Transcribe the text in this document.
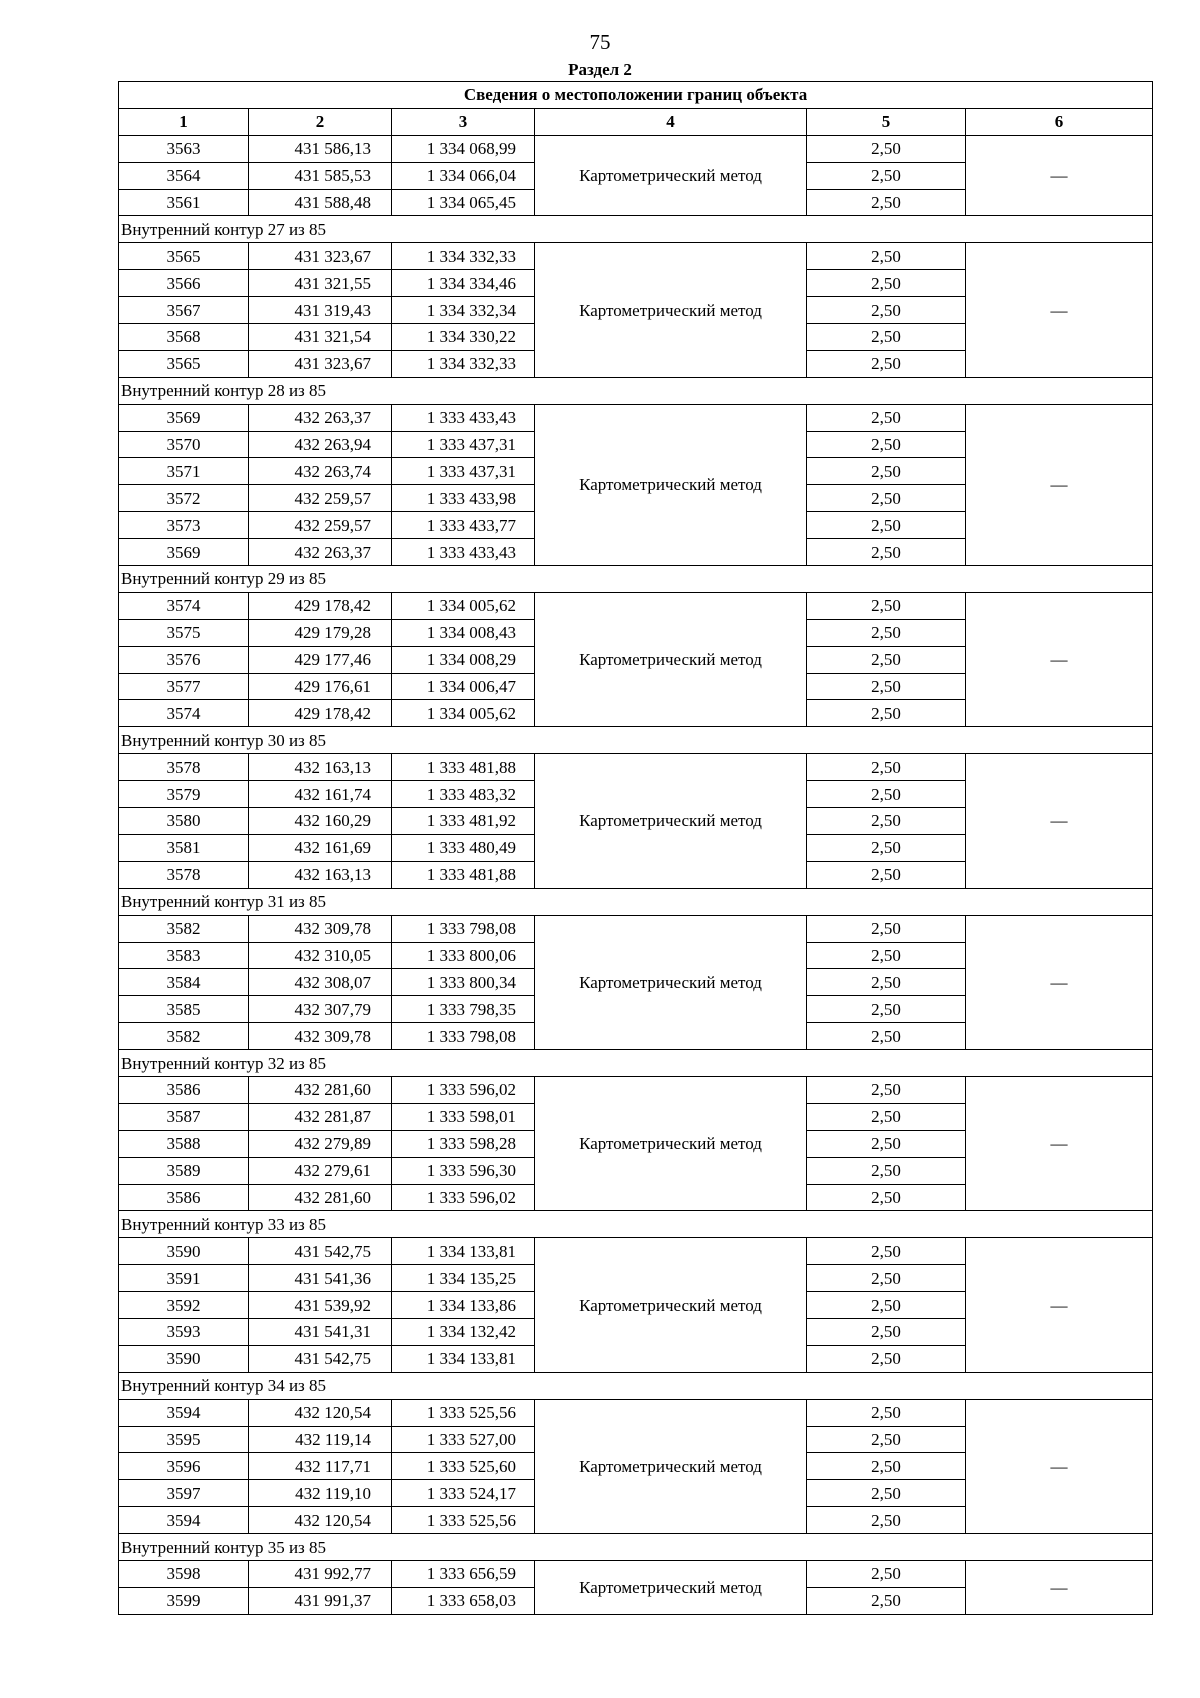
75
Раздел 2
Сведения о местоположении границ объекта					
1	2	3	4	5	6
3563	431 586,13	1 334 068,99	Картометрический метод	2,50	—
3564	431 585,53	1 334 066,04		2,50	
3561	431 588,48	1 334 065,45		2,50	
Внутренний контур 27 из 85					
3565	431 323,67	1 334 332,33	Картометрический метод	2,50	—
3566	431 321,55	1 334 334,46		2,50	
3567	431 319,43	1 334 332,34		2,50	
3568	431 321,54	1 334 330,22		2,50	
3565	431 323,67	1 334 332,33		2,50	
Внутренний контур 28 из 85					
3569	432 263,37	1 333 433,43	Картометрический метод	2,50	—
3570	432 263,94	1 333 437,31		2,50	
3571	432 263,74	1 333 437,31		2,50	
3572	432 259,57	1 333 433,98		2,50	
3573	432 259,57	1 333 433,77		2,50	
3569	432 263,37	1 333 433,43		2,50	
Внутренний контур 29 из 85					
3574	429 178,42	1 334 005,62	Картометрический метод	2,50	—
3575	429 179,28	1 334 008,43		2,50	
3576	429 177,46	1 334 008,29		2,50	
3577	429 176,61	1 334 006,47		2,50	
3574	429 178,42	1 334 005,62		2,50	
Внутренний контур 30 из 85					
3578	432 163,13	1 333 481,88	Картометрический метод	2,50	—
3579	432 161,74	1 333 483,32		2,50	
3580	432 160,29	1 333 481,92		2,50	
3581	432 161,69	1 333 480,49		2,50	
3578	432 163,13	1 333 481,88		2,50	
Внутренний контур 31 из 85					
3582	432 309,78	1 333 798,08	Картометрический метод	2,50	—
3583	432 310,05	1 333 800,06		2,50	
3584	432 308,07	1 333 800,34		2,50	
3585	432 307,79	1 333 798,35		2,50	
3582	432 309,78	1 333 798,08		2,50	
Внутренний контур 32 из 85					
3586	432 281,60	1 333 596,02	Картометрический метод	2,50	—
3587	432 281,87	1 333 598,01		2,50	
3588	432 279,89	1 333 598,28		2,50	
3589	432 279,61	1 333 596,30		2,50	
3586	432 281,60	1 333 596,02		2,50	
Внутренний контур 33 из 85					
3590	431 542,75	1 334 133,81	Картометрический метод	2,50	—
3591	431 541,36	1 334 135,25		2,50	
3592	431 539,92	1 334 133,86		2,50	
3593	431 541,31	1 334 132,42		2,50	
3590	431 542,75	1 334 133,81		2,50	
Внутренний контур 34 из 85					
3594	432 120,54	1 333 525,56	Картометрический метод	2,50	—
3595	432 119,14	1 333 527,00		2,50	
3596	432 117,71	1 333 525,60		2,50	
3597	432 119,10	1 333 524,17		2,50	
3594	432 120,54	1 333 525,56		2,50	
Внутренний контур 35 из 85					
3598	431 992,77	1 333 656,59	Картометрический метод	2,50	—
3599	431 991,37	1 333 658,03		2,50	
